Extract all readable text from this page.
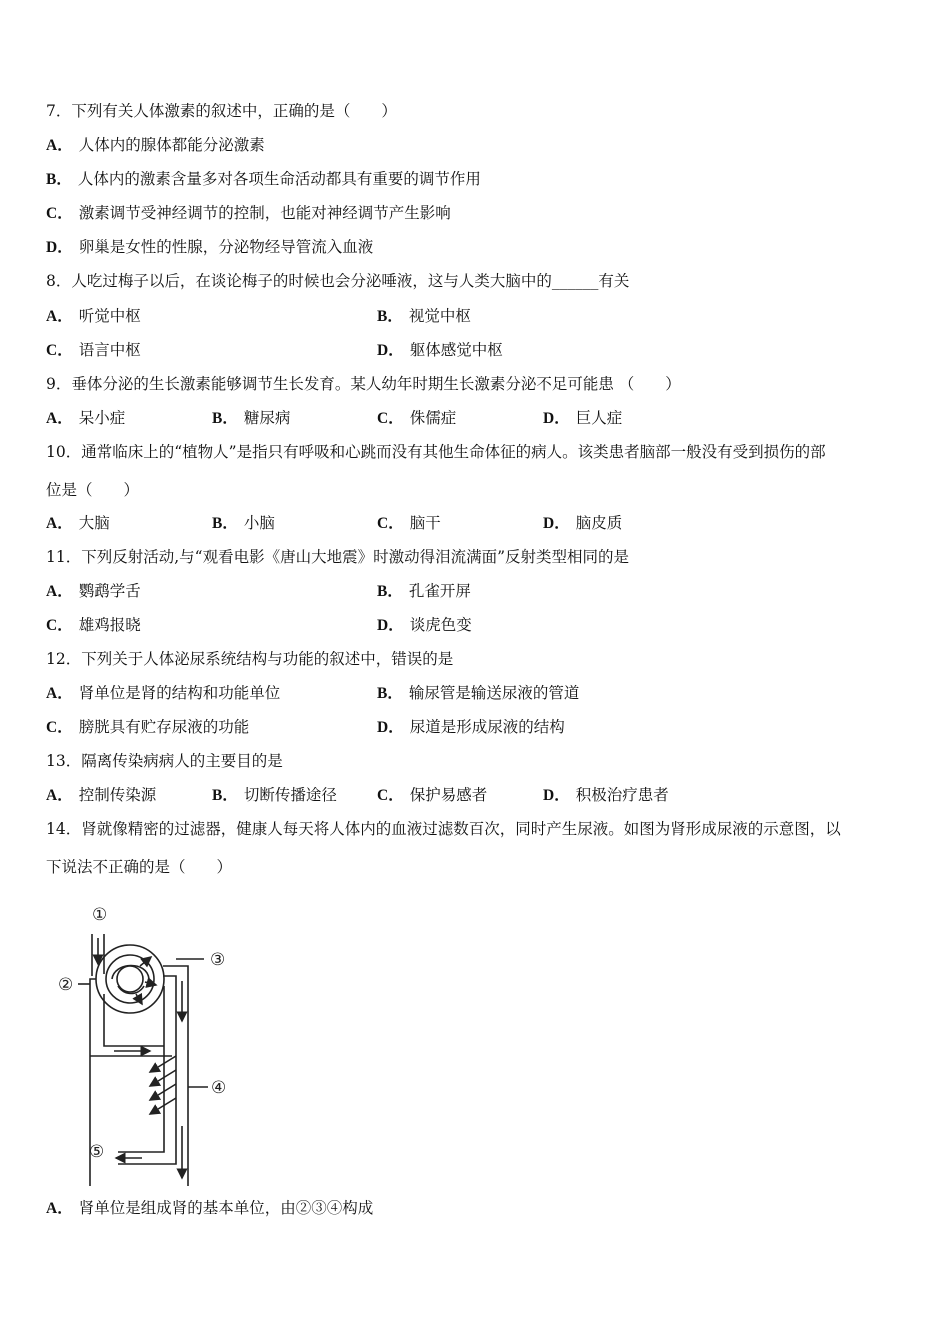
7．下列有关人体激素的叙述中，正确的是（　　）
A． 人体内的腺体都能分泌激素
B． 人体内的激素含量多对各项生命活动都具有重要的调节作用
C． 激素调节受神经调节的控制，也能对神经调节产生影响
D． 卵巢是女性的性腺，分泌物经导管流入血液
8．人吃过梅子以后，在谈论梅子的时候也会分泌唾液，这与人类大脑中的______有关
A． 听觉中枢	B． 视觉中枢
C． 语言中枢	D． 躯体感觉中枢
9．垂体分泌的生长激素能够调节生长发育。某人幼年时期生长激素分泌不足可能患 （　　）
A． 呆小症	B． 糖尿病	C． 侏儒症	D． 巨人症
10．通常临床上的“植物人”是指只有呼吸和心跳而没有其他生命体征的病人。该类患者脑部一般没有受到损伤的部
位是（　　）
A． 大脑	B． 小脑	C． 脑干	D． 脑皮质
11．下列反射活动,与“观看电影《唐山大地震》时激动得泪流满面”反射类型相同的是
A． 鹦鹉学舌	B． 孔雀开屏
C． 雄鸡报晓	D． 谈虎色变
12．下列关于人体泌尿系统结构与功能的叙述中，错误的是
A． 肾单位是肾的结构和功能单位	B． 输尿管是输送尿液的管道
C． 膀胱具有贮存尿液的功能	D． 尿道是形成尿液的结构
13．隔离传染病病人的主要目的是
A． 控制传染源	B． 切断传播途径	C． 保护易感者	D． 积极治疗患者
14．肾就像精密的过滤器，健康人每天将人体内的血液过滤数百次，同时产生尿液。如图为肾形成尿液的示意图，以
下说法不正确的是（　　）
①
②
③
④
⑤
A． 肾单位是组成肾的基本单位，由②③④构成
